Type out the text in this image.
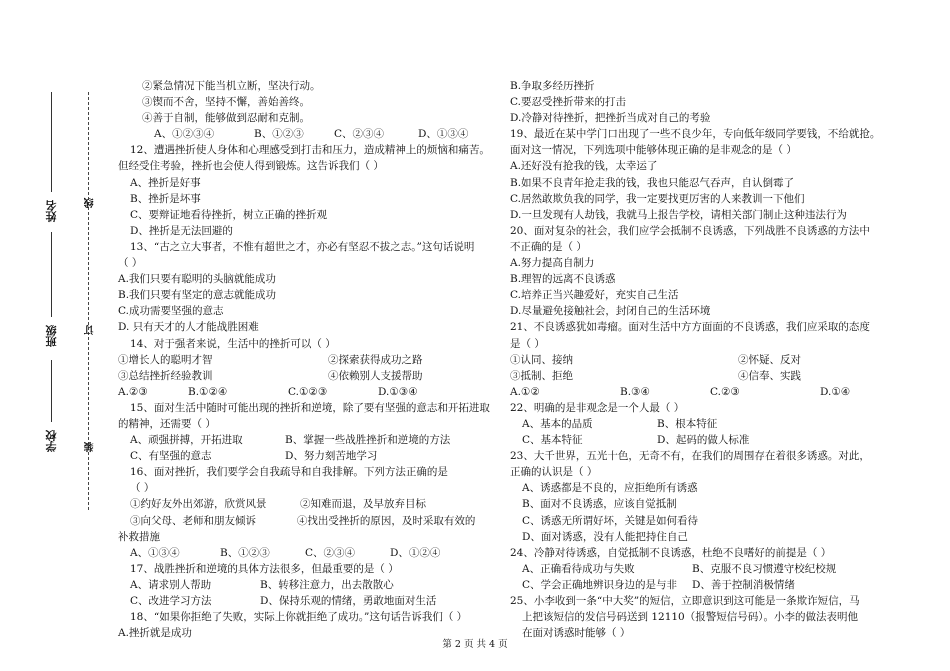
姓名
班级
学校
线
订
装
②紧急情况下能当机立断，坚决行动。
③锲而不舍，坚持不懈，善始善终。
④善于自制，能够做到忍耐和克制。
A、①②③④	B、①②③	C、②③④	D、①③④
12、遭遇挫折使人身体和心理感受到打击和压力，造成精神上的烦恼和痛苦。
但经受住考验，挫折也会使人得到锻炼。这告诉我们（ ）
A、挫折是好事
B、挫折是坏事
C、要辩证地看待挫折，树立正确的挫折观
D、挫折是无法回避的
13、“古之立大事者，不惟有超世之才，亦必有坚忍不拔之志。”这句话说明
（ ）
A.我们只要有聪明的头脑就能成功
B.我们只要有坚定的意志就能成功
C.成功需要坚强的意志
D. 只有天才的人才能战胜困难
14、对于强者来说，生活中的挫折可以（ ）
①增长人的聪明才智	②探索获得成功之路
③总结挫折经验教训	④依赖别人支援帮助
A.②③	B.①②④	C.①②③	D.①③④
15、面对生活中随时可能出现的挫折和逆境，除了要有坚强的意志和开拓进取
的精神，还需要（ ）
A、顽强拼搏，开拓进取	B、掌握一些战胜挫折和逆境的方法
C、有坚强的意志	D、努力刻苦地学习
16、面对挫折，我们要学会自我疏导和自我排解。下列方法正确的是
（ ）
①约好友外出郊游，欣赏风景	②知难而退，及早放弃目标
③向父母、老师和朋友倾诉	④找出受挫折的原因，及时采取有效的
补救措施
A、①③④	B、①②③	C、②③④	D、①②④
17、战胜挫折和逆境的具体方法很多，但最重要的是（ ）
A、请求别人帮助	B、转移注意力，出去散散心
C、改进学习方法	D、保持乐观的情绪，勇敢地面对生活
18、“如果你拒绝了失败，实际上你就拒绝了成功。”这句话告诉我们（ ）
A.挫折就是成功
B.争取多经历挫折
C.要忍受挫折带来的打击
D.冷静对待挫折，把挫折当成对自己的考验
19、最近在某中学门口出现了一些不良少年，专向低年级同学要钱，不给就抢。
面对这一情况，下列选项中能够体现正确的是非观念的是（ ）
A.还好没有抢我的钱，太幸运了
B.如果不良青年抢走我的钱，我也只能忍气吞声，自认倒霉了
C.居然敢欺负我的同学，我一定要找更厉害的人来教训一下他们
D.一旦发现有人劫钱，我就马上报告学校，请相关部门制止这种违法行为
20、面对复杂的社会，我们应学会抵制不良诱惑，下列战胜不良诱惑的方法中
不正确的是（ ）
A.努力提高自制力
B.理智的远离不良诱惑
C.培养正当兴趣爱好，充实自己生活
D.尽量避免接触社会，封闭自己的生活环境
21、不良诱惑犹如毒瘤。面对生活中方方面面的不良诱惑，我们应采取的态度
是（ ）
①认同、接纳	②怀疑、反对
③抵制、拒绝	④信奉、实践
A.①②	B.③④	C.②③	D.①④
22、明确的是非观念是一个人最（ ）
A、基本的品质	B、根本特征
C、基本特征	D、起码的做人标准
23、大千世界，五光十色，无奇不有，在我们的周围存在着很多诱惑。对此，
正确的认识是（ ）
A、诱惑都是不良的，应拒绝所有诱惑
B、面对不良诱惑，应该自觉抵制
C、诱惑无所谓好坏，关键是如何看待
D、面对诱惑，没有人能把持住自己
24、冷静对待诱惑，自觉抵制不良诱惑，杜绝不良嗜好的前提是（ ）
A、正确看待成功与失败	B、克服不良习惯遵守校纪校规
C、学会正确地辨识身边的是与非	D、善于控制消极情绪
25、小李收到一条“中大奖”的短信，立即意识到这可能是一条欺诈短信，马
上把该短信的发信号码送到 12110（报警短信号码）。小李的做法表明他
在面对诱惑时能够（ ）
第 2 页 共 4 页
